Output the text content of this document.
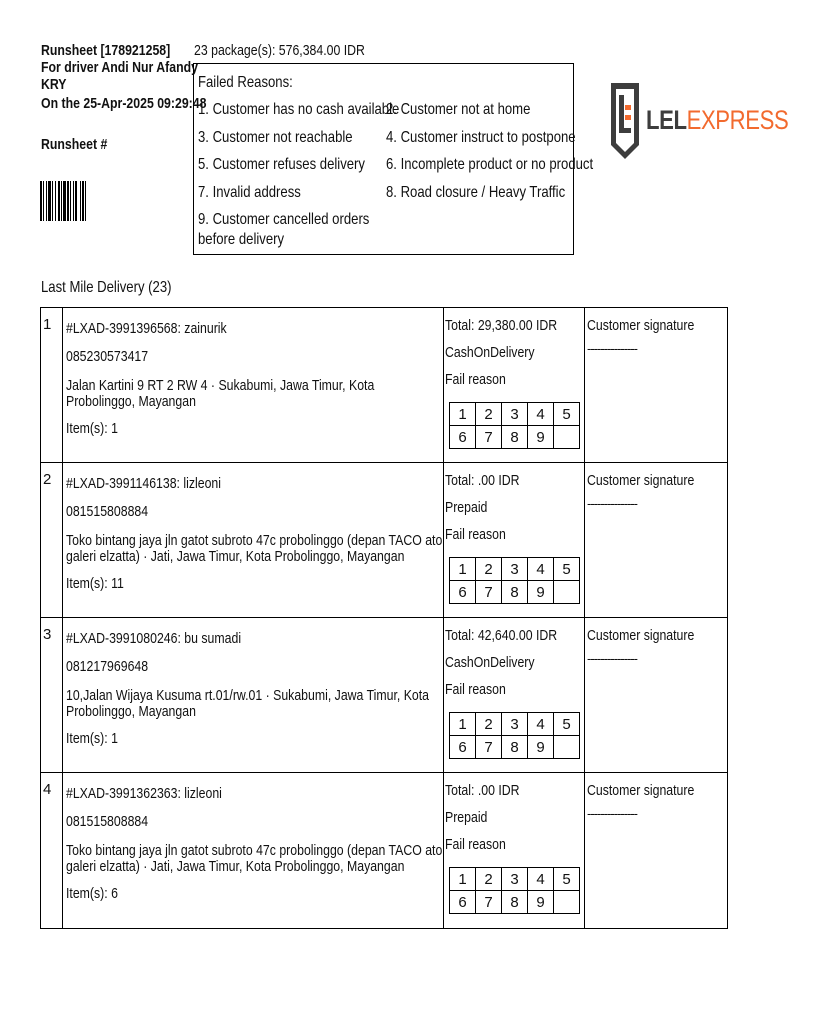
Runsheet [178921258]
For driver Andi Nur Afandy
KRY
On the 25-Apr-2025 09:29:48
Runsheet #
23 package(s): 576,384.00 IDR
Failed Reasons:
1. Customer has no cash available
2. Customer not at home
3. Customer not reachable	4. Customer instruct to postpone
5. Customer refuses delivery	6. Incomplete product or no product
7. Invalid address	8. Road closure / Heavy Traffic
9. Customer cancelled orders before delivery
LELEXPRESS
Last Mile Delivery (23)
1 #LXAD-3991396568: zainurik
085230573417
Jalan Kartini 9 RT 2 RW 4 · Sukabumi, Jawa Timur, Kota Probolinggo, Mayangan
Item(s): 1
Total: 29,380.00 IDR
CashOnDelivery
Fail reason
1	2	3	4	5
6	7	8	9	
Customer signature
---------------
2 #LXAD-3991146138: lizleoni
081515808884
Toko bintang jaya jln gatot subroto 47c probolinggo (depan TACO ato galeri elzatta) · Jati, Jawa Timur, Kota Probolinggo, Mayangan
Item(s): 11
Total: .00 IDR
Prepaid
Fail reason
1	2	3	4	5
6	7	8	9	
Customer signature
---------------
3 #LXAD-3991080246: bu sumadi
081217969648
10,Jalan Wijaya Kusuma rt.01/rw.01 · Sukabumi, Jawa Timur, Kota Probolinggo, Mayangan
Item(s): 1
Total: 42,640.00 IDR
CashOnDelivery
Fail reason
1	2	3	4	5
6	7	8	9	
Customer signature
---------------
4 #LXAD-3991362363: lizleoni
081515808884
Toko bintang jaya jln gatot subroto 47c probolinggo (depan TACO ato galeri elzatta) · Jati, Jawa Timur, Kota Probolinggo, Mayangan
Item(s): 6
Total: .00 IDR
Prepaid
Fail reason
1	2	3	4	5
6	7	8	9	
Customer signature
---------------
